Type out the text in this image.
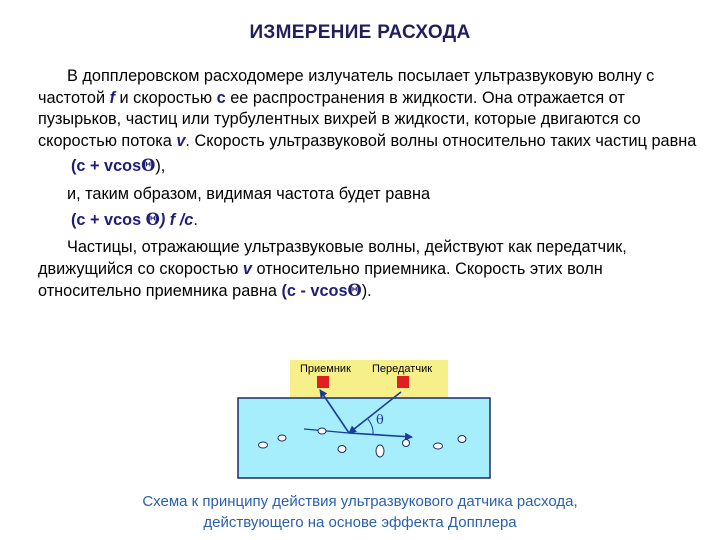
ИЗМЕРЕНИЕ РАСХОДА

В допплеровском расходомере излучатель посылает ультразвуковую волну с частотой f и скоростью c ее распространения в жидкости. Она отражается от пузырьков, частиц или турбулентных вихрей в жидкости, которые двигаются со скоростью потока v. Скорость ультразвуковой волны относительно таких частиц равна

(c + vcosΘ),

и, таким образом, видимая частота будет равна

(c + vcos Θ) f /c.

Частицы, отражающие ультразвуковые волны, действуют как передатчик, движущийся со скоростью v относительно приемника. Скорость этих волн относительно приемника равна (c - vcosΘ).

Приемник Передатчик
θ
Схема к принципу действия ультразвукового датчика расхода,
действующего на основе эффекта Допплера
